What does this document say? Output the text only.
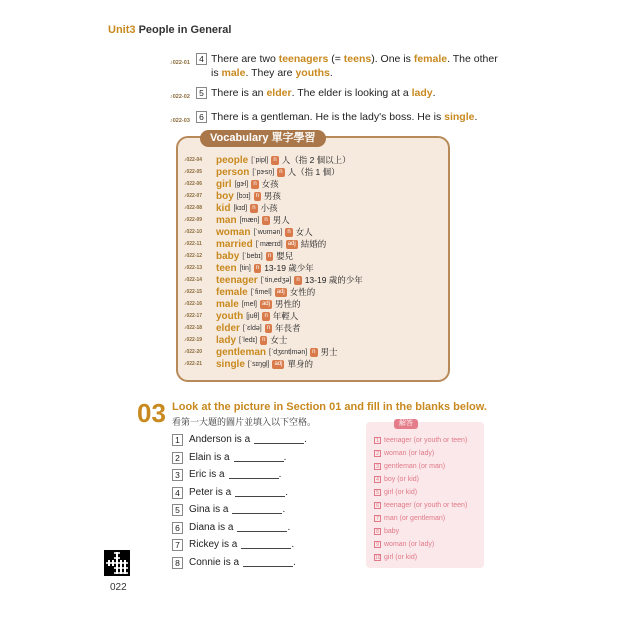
Unit3 People in General
♪022-01	4 There are two teenagers (= teens). One is female. The other is male. They are youths.
♪022-02	5 There is an elder. The elder is looking at a lady.
♪022-03	6 There is a gentleman. He is the lady's boss. He is single.
Vocabulary 單字學習
♪022-04	people [ˈpipḷ] n 人（指 2 個以上）
♪022-05	person [ˈpɝsn̩] n 人（指 1 個）
♪022-06	girl [gɝl] n 女孩
♪022-07	boy [bɔɪ] n 男孩
♪022-08	kid [kɪd] n 小孩
♪022-09	man [mæn] n 男人
♪022-10	woman [ˈwʊmən] n 女人
♪022-11	married [ˈmærɪd] adj 結婚的
♪022-12	baby [ˈbebɪ] n 嬰兒
♪022-13	teen [tin] n 13-19 歲少年
♪022-14	teenager [ˈtin‚edʒə] n 13-19 歲的少年
♪022-15	female [ˈfimel] adj 女性的
♪022-16	male [mel] adj 男性的
♪022-17	youth [juθ] n 年輕人
♪022-18	elder [ˈɛldə] n 年長者
♪022-19	lady [ˈledɪ] n 女士
♪022-20	gentleman [ˈdʒɛntḷmən] n 男士
♪022-21	single [ˈsɪŋgḷ] adj 單身的
03 Look at the picture in Section 01 and fill in the blanks below.
看第一大題的圖片並填入以下空格。
1 Anderson is a	.
2 Elain is a	.
3 Eric is a	.
4 Peter is a	.
5 Gina is a	.
6 Diana is a	.
7 Rickey is a	.
8 Connie is a	.
解答
1 teenager (or youth or teen)
2 woman (or lady)
3 gentleman (or man)
4 boy (or kid)
5 girl (or kid)
6 teenager (or youth or teen)
7 man (or gentleman)
8 baby
9 woman (or lady)
10 girl (or kid)
022
